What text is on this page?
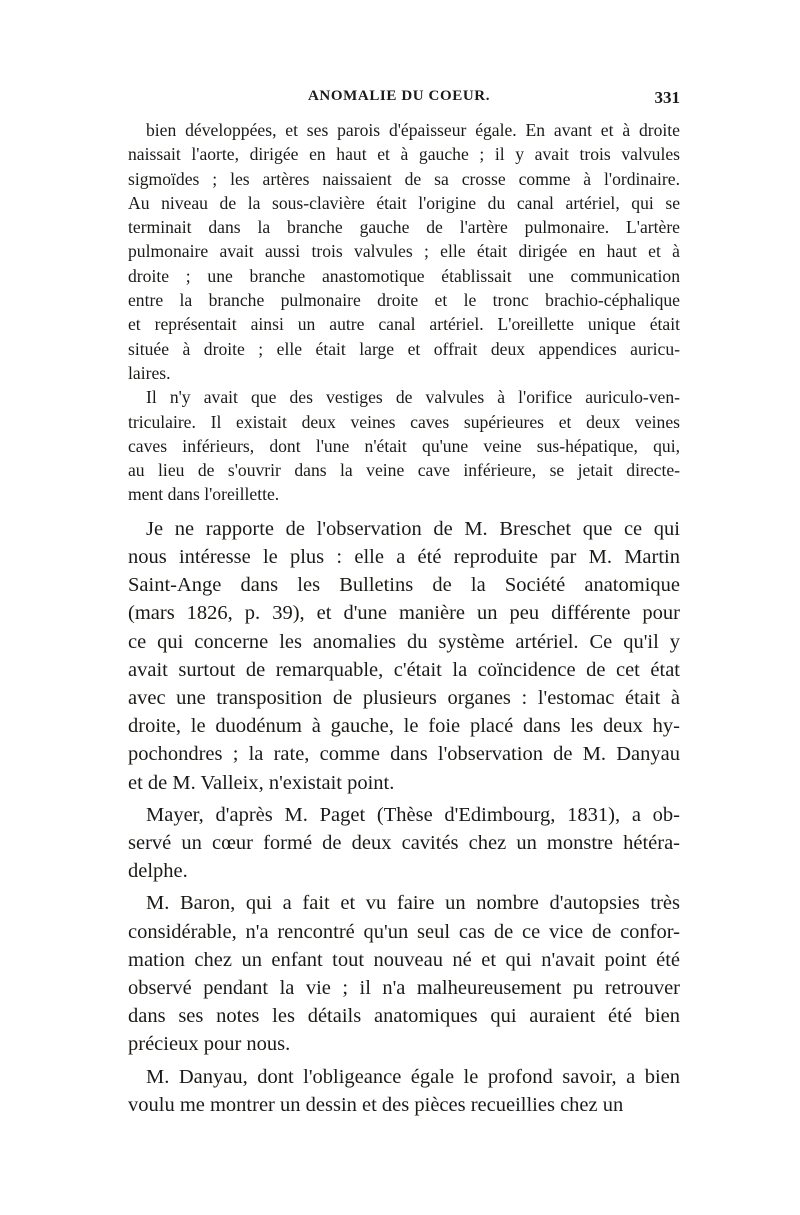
ANOMALIE DU COEUR.	331
bien développées, et ses parois d'épaisseur égale. En avant et à droite
naissait l'aorte, dirigée en haut et à gauche ; il y avait trois valvules
sigmoïdes ; les artères naissaient de sa crosse comme à l'ordinaire.
Au niveau de la sous-clavière était l'origine du canal artériel, qui se
terminait dans la branche gauche de l'artère pulmonaire. L'artère
pulmonaire avait aussi trois valvules ; elle était dirigée en haut et à
droite ; une branche anastomotique établissait une communication
entre la branche pulmonaire droite et le tronc brachio-céphalique
et représentait ainsi un autre canal artériel. L'oreillette unique était
située à droite ; elle était large et offrait deux appendices auricu-
laires.
Il n'y avait que des vestiges de valvules à l'orifice auriculo-ven-
triculaire. Il existait deux veines caves supérieures et deux veines
caves inférieurs, dont l'une n'était qu'une veine sus-hépatique, qui,
au lieu de s'ouvrir dans la veine cave inférieure, se jetait directe-
ment dans l'oreillette.
Je ne rapporte de l'observation de M. Breschet que ce qui
nous intéresse le plus : elle a été reproduite par M. Martin
Saint-Ange dans les Bulletins de la Société anatomique
(mars 1826, p. 39), et d'une manière un peu différente pour
ce qui concerne les anomalies du système artériel. Ce qu'il y
avait surtout de remarquable, c'était la coïncidence de cet état
avec une transposition de plusieurs organes : l'estomac était à
droite, le duodénum à gauche, le foie placé dans les deux hy-
pochondres ; la rate, comme dans l'observation de M. Danyau
et de M. Valleix, n'existait point.
Mayer, d'après M. Paget (Thèse d'Edimbourg, 1831), a ob-
servé un cœur formé de deux cavités chez un monstre hétéra-
delphe.
M. Baron, qui a fait et vu faire un nombre d'autopsies très
considérable, n'a rencontré qu'un seul cas de ce vice de confor-
mation chez un enfant tout nouveau né et qui n'avait point été
observé pendant la vie ; il n'a malheureusement pu retrouver
dans ses notes les détails anatomiques qui auraient été bien
précieux pour nous.
M. Danyau, dont l'obligeance égale le profond savoir, a bien
voulu me montrer un dessin et des pièces recueillies chez un
